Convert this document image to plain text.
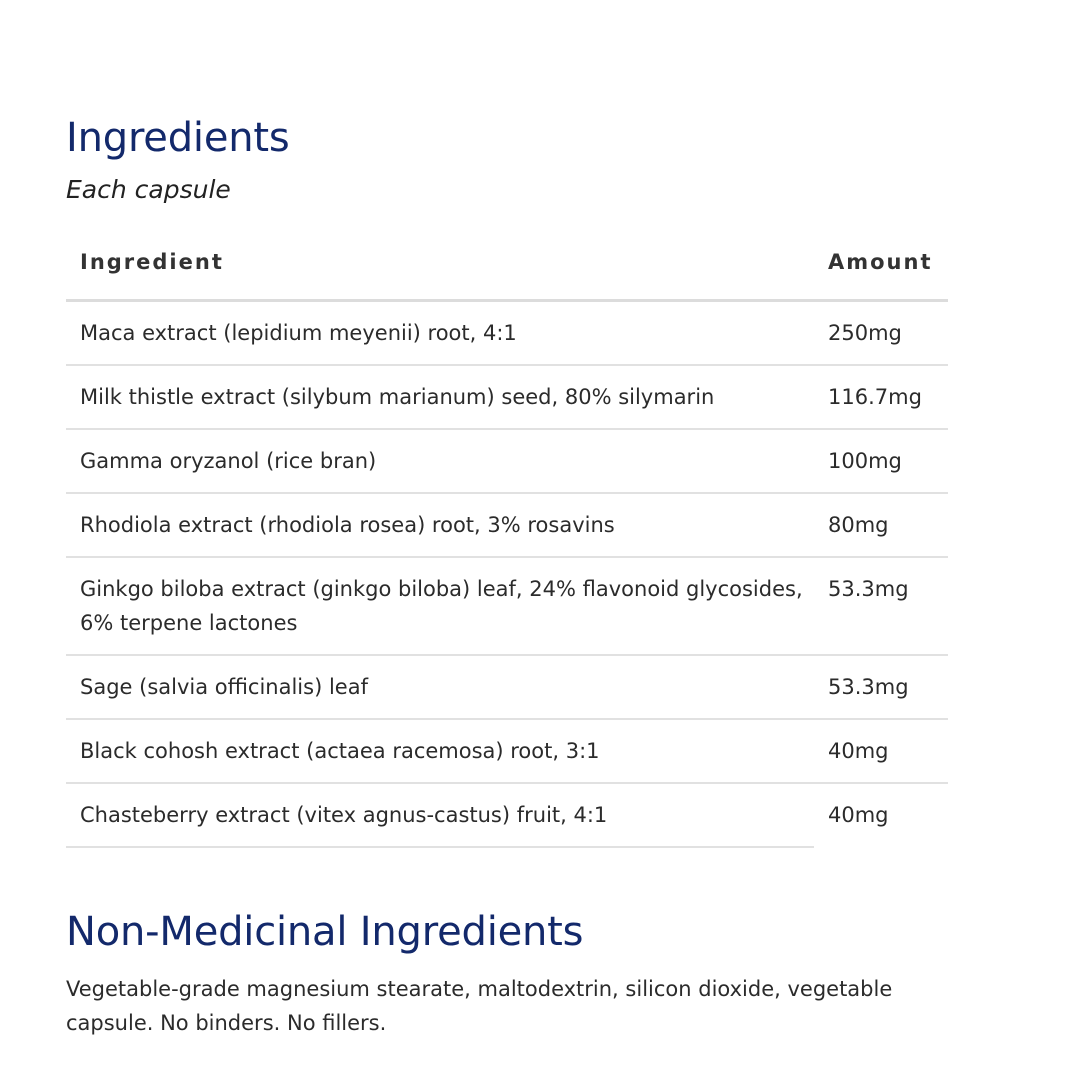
Ingredients

Each capsule

Ingredient	Amount
Maca extract (lepidium meyenii) root, 4:1	250mg
Milk thistle extract (silybum marianum) seed, 80% silymarin	116.7mg
Gamma oryzanol (rice bran)	100mg
Rhodiola extract (rhodiola rosea) root, 3% rosavins	80mg
Ginkgo biloba extract (ginkgo biloba) leaf, 24% flavonoid glycosides, 6% terpene lactones	53.3mg
Sage (salvia officinalis) leaf	53.3mg
Black cohosh extract (actaea racemosa) root, 3:1	40mg
Chasteberry extract (vitex agnus-castus) fruit, 4:1	40mg
Non-Medicinal Ingredients

Vegetable-grade magnesium stearate, maltodextrin, silicon dioxide, vegetable capsule. No binders. No fillers.
